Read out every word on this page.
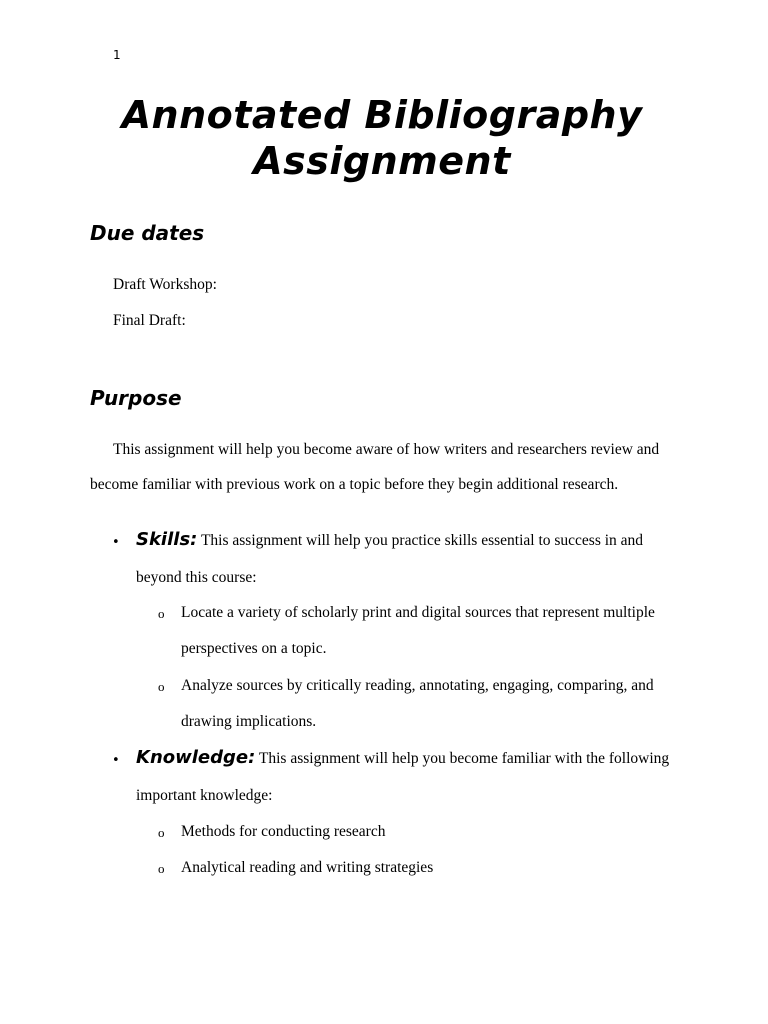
1
Annotated Bibliography
Assignment
Due dates
Draft Workshop:
Final Draft:
Purpose
This assignment will help you become aware of how writers and researchers review and
become familiar with previous work on a topic before they begin additional research.
• Skills: This assignment will help you practice skills essential to success in and
beyond this course:
o Locate a variety of scholarly print and digital sources that represent multiple
perspectives on a topic.
o Analyze sources by critically reading, annotating, engaging, comparing, and
drawing implications.
• Knowledge: This assignment will help you become familiar with the following
important knowledge:
o Methods for conducting research
o Analytical reading and writing strategies
